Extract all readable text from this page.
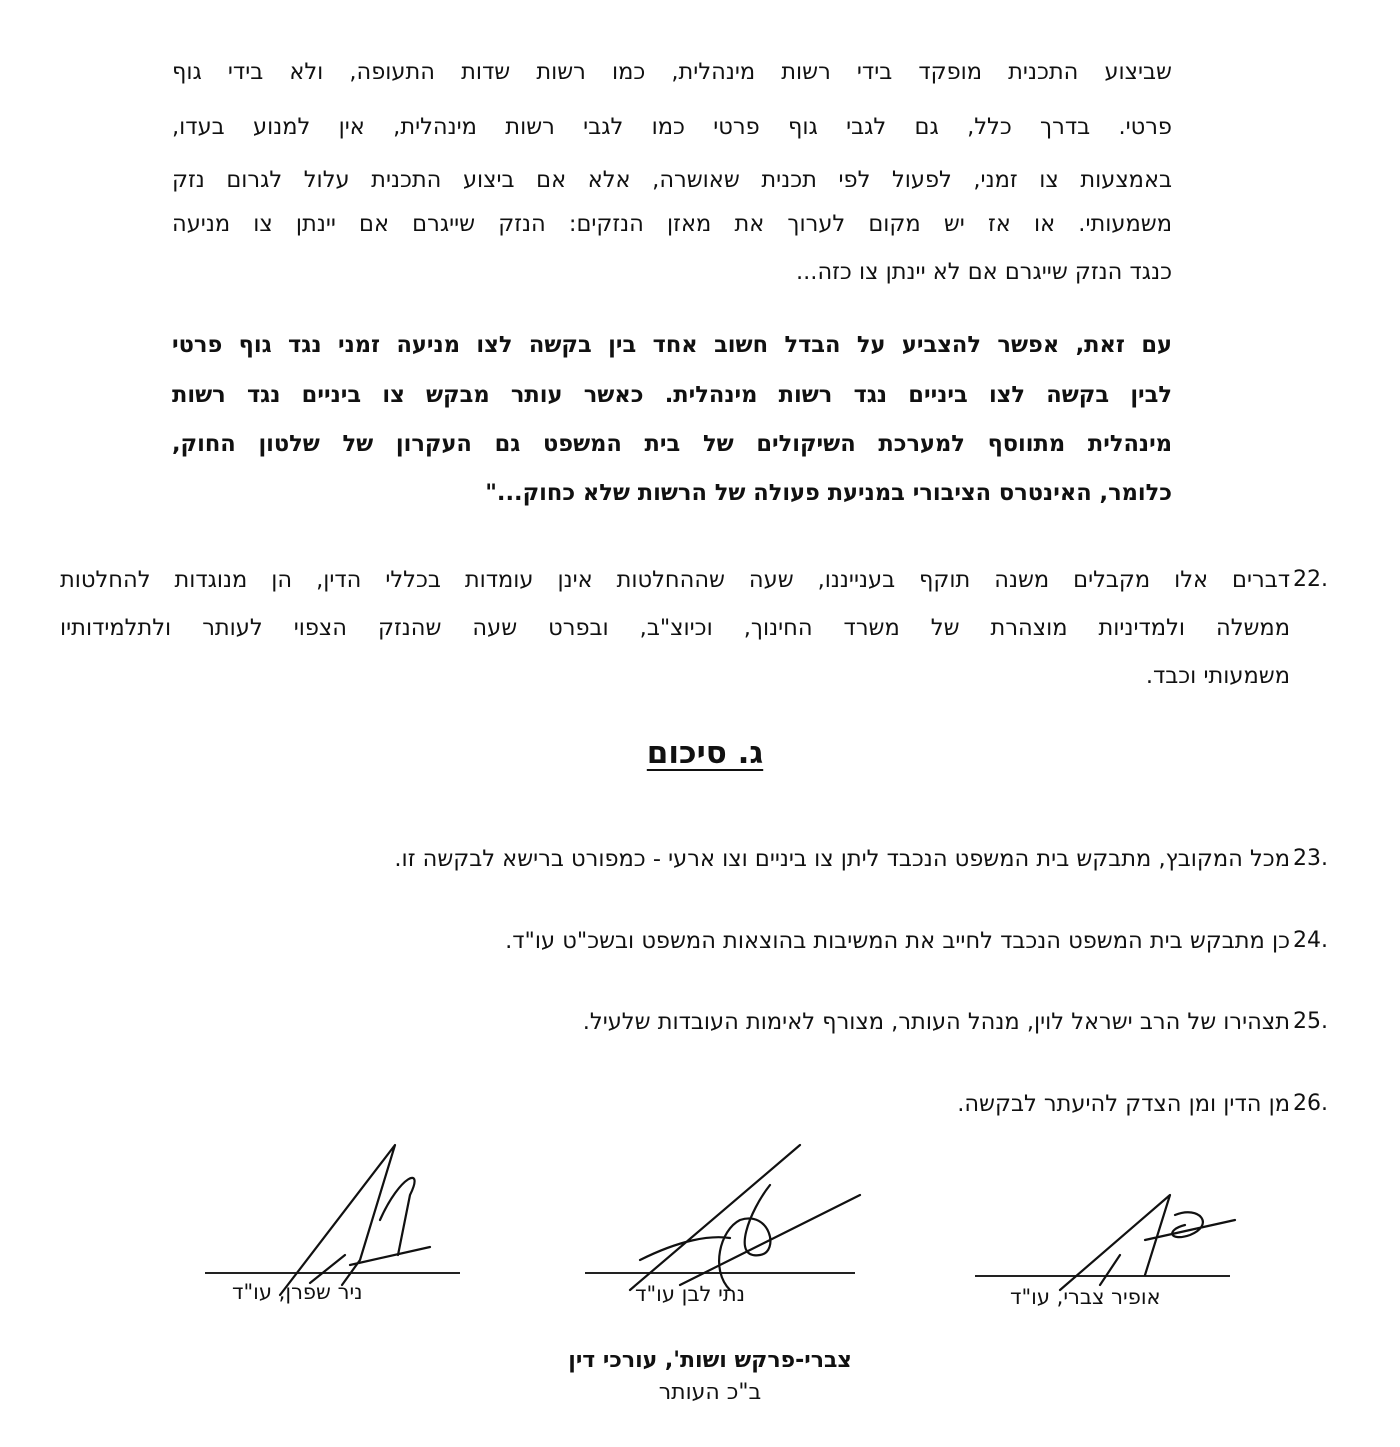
שביצוע התכנית מופקד בידי רשות מינהלית, כמו רשות שדות התעופה, ולא בידי גוף
פרטי. בדרך כלל, גם לגבי גוף פרטי כמו לגבי רשות מינהלית, אין למנוע בעדו,
באמצעות צו זמני, לפעול לפי תכנית שאושרה, אלא אם ביצוע התכנית עלול לגרום נזק
משמעותי. או אז יש מקום לערוך את מאזן הנזקים: הנזק שייגרם אם יינתן צו מניעה
כנגד הנזק שייגרם אם לא יינתן צו כזה...
עם זאת, אפשר להצביע על הבדל חשוב אחד בין בקשה לצו מניעה זמני נגד גוף פרטי
לבין בקשה לצו ביניים נגד רשות מינהלית. כאשר עותר מבקש צו ביניים נגד רשות
מינהלית מתווסף למערכת השיקולים של בית המשפט גם העקרון של שלטון החוק,
כלומר, האינטרס הציבורי במניעת פעולה של הרשות שלא כחוק..."
22.
דברים אלו מקבלים משנה תוקף בענייננו, שעה שההחלטות אינן עומדות בכללי הדין, הן מנוגדות להחלטות
ממשלה ולמדיניות מוצהרת של משרד החינוך, וכיוצ"ב, ובפרט שעה שהנזק הצפוי לעותר ולתלמידותיו
משמעותי וכבד.
ג. סיכום
23.
מכל המקובץ, מתבקש בית המשפט הנכבד ליתן צו ביניים וצו ארעי - כמפורט ברישא לבקשה זו.
24.
כן מתבקש בית המשפט הנכבד לחייב את המשיבות בהוצאות המשפט ובשכ"ט עו"ד.
25.
תצהירו של הרב ישראל לוין, מנהל העותר, מצורף לאימות העובדות שלעיל.
26.
מן הדין ומן הצדק להיעתר לבקשה.
ניר שפרן, עו"ד	נתי לבן עו"ד	אופיר צברי, עו"ד
צברי-פרקש ושות', עורכי דין
ב"כ העותר
